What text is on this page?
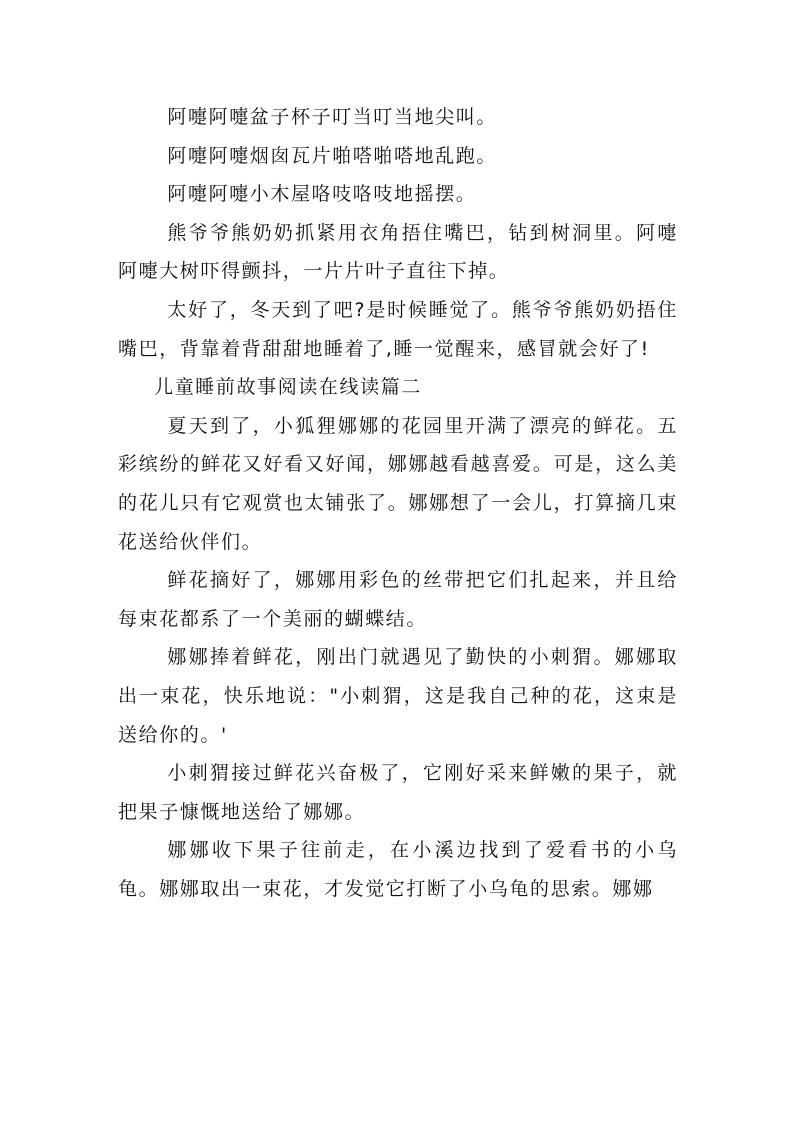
阿嚏阿嚏盆子杯子叮当叮当地尖叫。

阿嚏阿嚏烟囱瓦片啪嗒啪嗒地乱跑。

阿嚏阿嚏小木屋咯吱咯吱地摇摆。

熊爷爷熊奶奶抓紧用衣角捂住嘴巴，钻到树洞里。阿嚏阿嚏大树吓得颤抖，一片片叶子直往下掉。

太好了，冬天到了吧?是时候睡觉了。熊爷爷熊奶奶捂住嘴巴，背靠着背甜甜地睡着了,睡一觉醒来，感冒就会好了!

儿童睡前故事阅读在线读篇二

夏天到了，小狐狸娜娜的花园里开满了漂亮的鲜花。五彩缤纷的鲜花又好看又好闻，娜娜越看越喜爱。可是，这么美的花儿只有它观赏也太铺张了。娜娜想了一会儿，打算摘几束花送给伙伴们。

鲜花摘好了，娜娜用彩色的丝带把它们扎起来，并且给每束花都系了一个美丽的蝴蝶结。

娜娜捧着鲜花，刚出门就遇见了勤快的小刺猬。娜娜取出一束花，快乐地说："小刺猬，这是我自己种的花，这束是送给你的。'

小刺猬接过鲜花兴奋极了，它刚好采来鲜嫩的果子，就把果子慷慨地送给了娜娜。

娜娜收下果子往前走，在小溪边找到了爱看书的小乌龟。娜娜取出一束花，才发觉它打断了小乌龟的思索。娜娜
